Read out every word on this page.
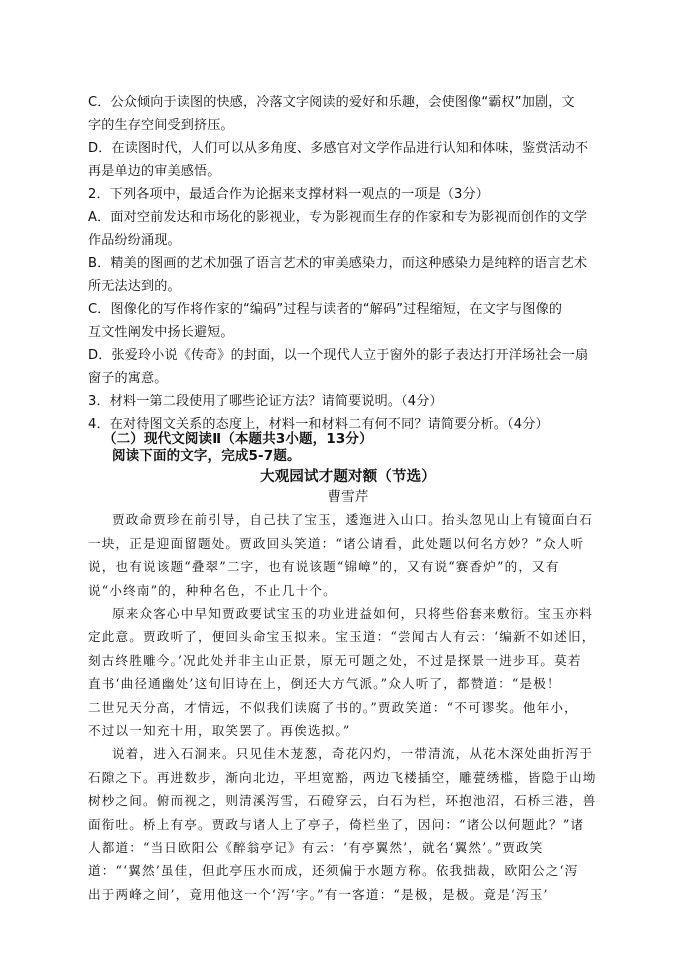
C．公众倾向于读图的快感，冷落文字阅读的爱好和乐趣，会使图像“霸权”加剧，文
字的生存空间受到挤压。
D．在读图时代，人们可以从多角度、多感官对文学作品进行认知和体味，鉴赏活动不
再是单边的审美感悟。
2．下列各项中，最适合作为论据来支撑材料一观点的一项是（3分）
A．面对空前发达和市场化的影视业，专为影视而生存的作家和专为影视而创作的文学
作品纷纷涌现。
B．精美的图画的艺术加强了语言艺术的审美感染力，而这种感染力是纯粹的语言艺术
所无法达到的。
C．图像化的写作将作家的“编码”过程与读者的“解码”过程缩短，在文字与图像的
互文性阐发中扬长避短。
D．张爱玲小说《传奇》的封面，以一个现代人立于窗外的影子表达打开洋场社会一扇
窗子的寓意。
3．材料一第二段使用了哪些论证方法？请简要说明。（4分）
4．在对待图文关系的态度上，材料一和材料二有何不同？请简要分析。（4分）
（二）现代文阅读Ⅱ（本题共3小题，13分）
阅读下面的文字，完成5-7题。
大观园试才题对额（节选）
曹雪芹
贾政命贾珍在前引导，自己扶了宝玉，逶迤进入山口。抬头忽见山上有镜面白石
一块，正是迎面留题处。贾政回头笑道：“诸公请看，此处题以何名方妙？”众人听
说，也有说该题“叠翠”二字，也有说该题“锦嶂”的，又有说“赛香炉”的，又有
说“小终南”的，种种名色，不止几十个。
原来众客心中早知贾政要试宝玉的功业进益如何，只将些俗套来敷衍。宝玉亦料
定此意。贾政听了，便回头命宝玉拟来。宝玉道：“尝闻古人有云：‘编新不如述旧，
刻古终胜雕今。’况此处并非主山正景，原无可题之处，不过是探景一进步耳。莫若
直书‘曲径通幽处’这旬旧诗在上，倒还大方气派。”众人听了，都赞道：“是极！
二世兄天分高，才情远，不似我们读腐了书的。”贾政笑道：“不可谬奖。他年小，
不过以一知充十用，取笑罢了。再俟选拟。”
说着，进入石洞来。只见佳木茏葱，奇花闪灼，一带清流，从花木深处曲折泻于
石隙之下。再进数步，渐向北边，平坦宽豁，两边飞楼插空，雕甍绣槛，皆隐于山坳
树杪之间。俯而视之，则清溪泻雪，石磴穿云，白石为栏，环抱池沼，石桥三港，兽
面衔吐。桥上有亭。贾政与诸人上了亭子，倚栏坐了，因问：“诸公以何题此？”诸
人都道：“当日欧阳公《醉翁亭记》有云：‘有亭翼然’，就名‘翼然’。”贾政笑
道：“‘翼然’虽佳，但此亭压水而成，还须偏于水题方称。依我拙裁，欧阳公之‘泻
出于两峰之间’，竟用他这一个‘泻’字。”有一客道：“是极，是极。竟是‘泻玉’
